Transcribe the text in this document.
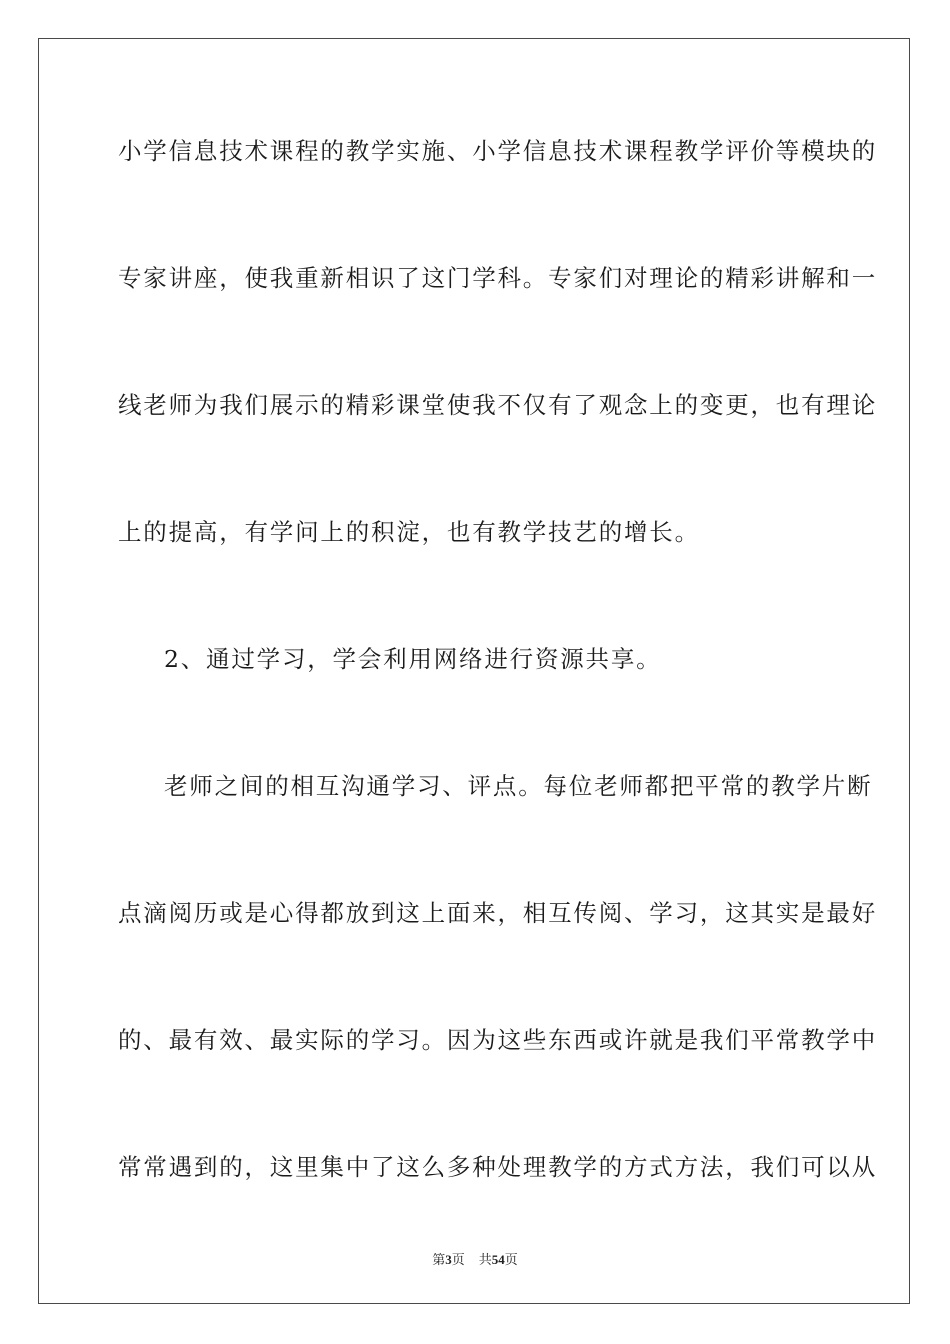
小学信息技术课程的教学实施、小学信息技术课程教学评价等模块的
专家讲座，使我重新相识了这门学科。专家们对理论的精彩讲解和一
线老师为我们展示的精彩课堂使我不仅有了观念上的变更，也有理论
上的提高，有学问上的积淀，也有教学技艺的增长。
2、通过学习，学会利用网络进行资源共享。
老师之间的相互沟通学习、评点。每位老师都把平常的教学片断
点滴阅历或是心得都放到这上面来，相互传阅、学习，这其实是最好
的、最有效、最实际的学习。因为这些东西或许就是我们平常教学中
常常遇到的，这里集中了这么多种处理教学的方式方法，我们可以从
第3页 共54页
